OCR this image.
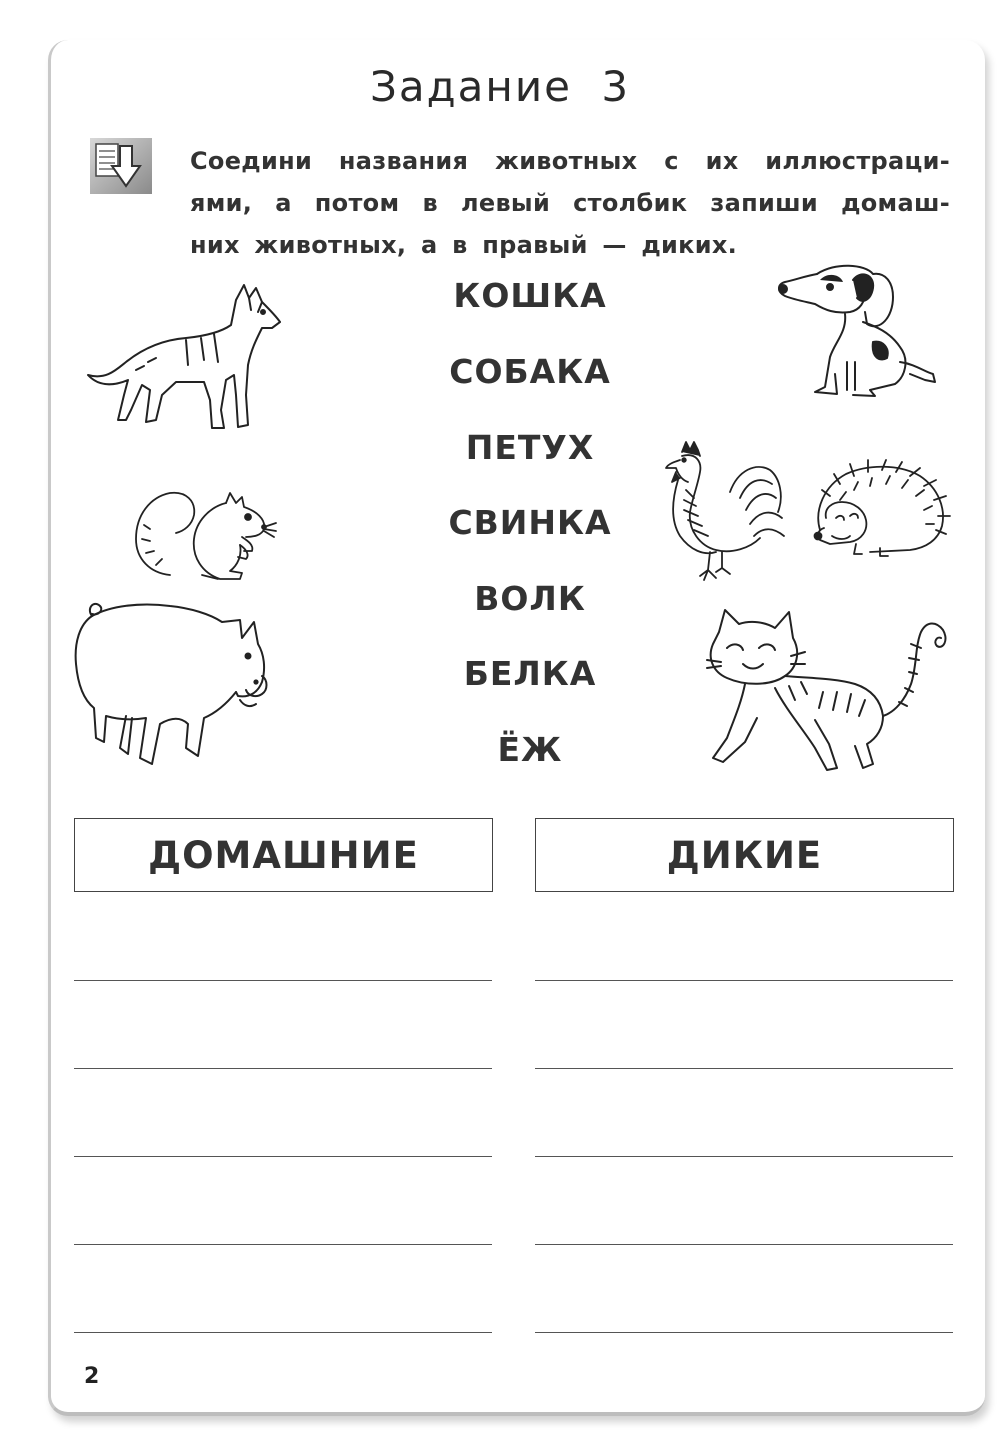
Задание 3
Соедини названия животных с их иллюстраци-
ями, а потом в левый столбик запиши домаш-
них животных, а в правый — диких.
КОШКА
СОБАКА
ПЕТУХ
СВИНКА
ВОЛК
БЕЛКА
ЁЖ
ДОМАШНИЕ	ДИКИЕ
2
